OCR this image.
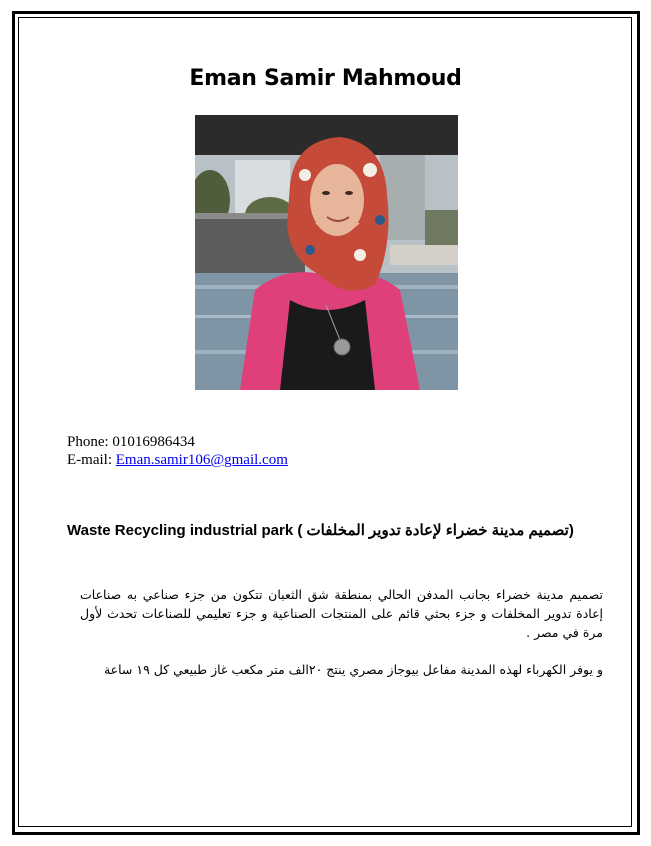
Eman Samir Mahmoud
Phone: 01016986434
E-mail: Eman.samir106@gmail.com
Waste Recycling industrial park (تصميم مدينة خضراء لإعادة تدوير المخلفات )
تصميم مدينة خضراء بجانب المدفن الحالي بمنطقة شق الثعبان تتكون من جزء صناعي به صناعات إعادة تدوير المخلفات و جزء بحثي قائم على المنتجات الصناعية و جزء تعليمي للصناعات تحدث لأول مرة في مصر .
و يوفر الكهرباء لهذه المدينة مفاعل بيوجاز مصري ينتج ٢٠الف متر مكعب غاز طبيعي كل ١٩ ساعة
